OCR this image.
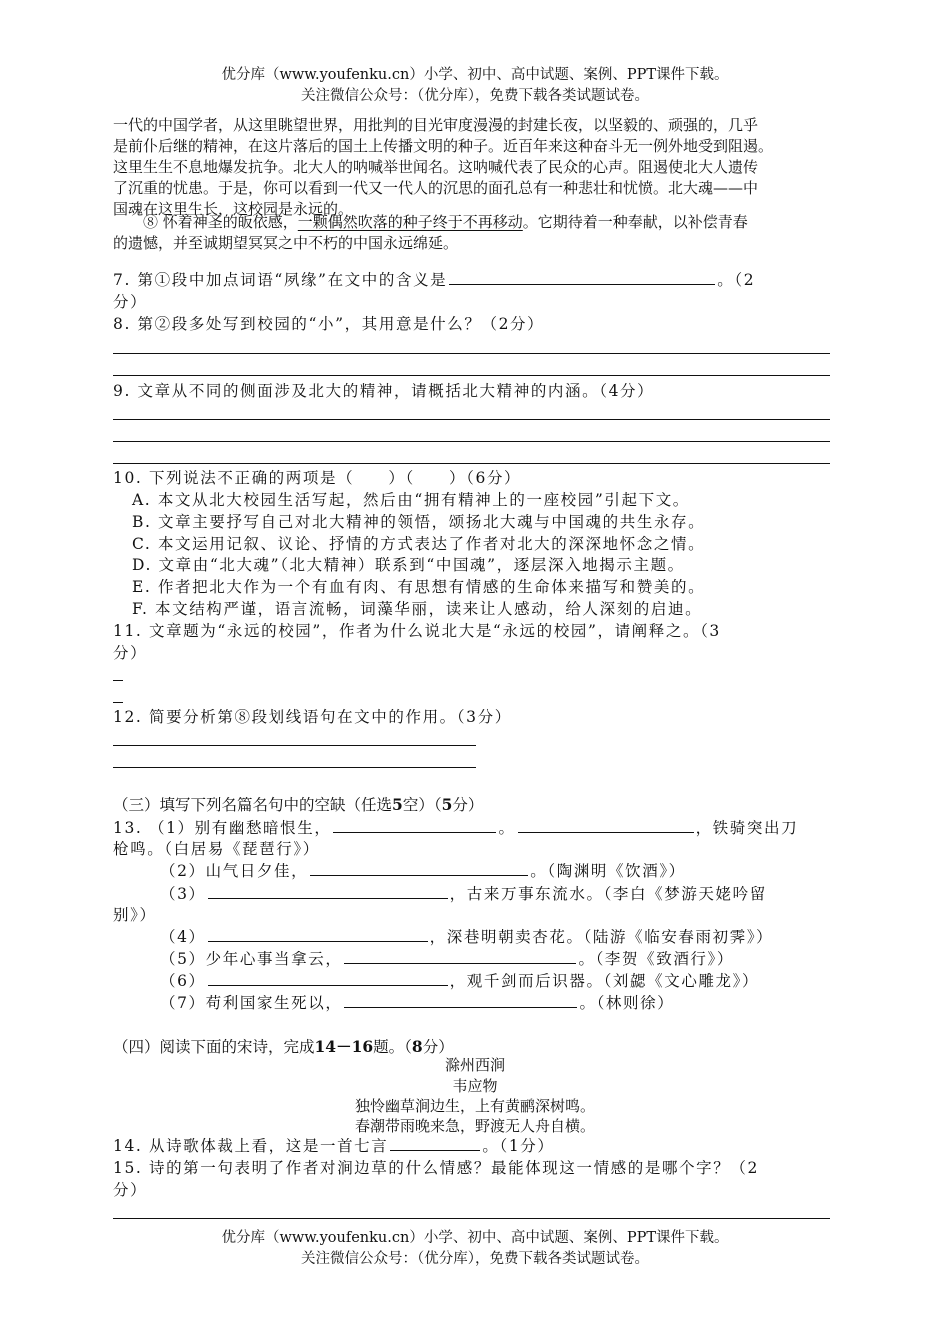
优分库（www.youfenku.cn）小学、初中、高中试题、案例、PPT课件下载。
关注微信公众号：（优分库），免费下载各类试题试卷。
一代的中国学者，从这里眺望世界，用批判的目光审度漫漫的封建长夜，以坚毅的、顽强的，几乎
是前仆后继的精神，在这片落后的国土上传播文明的种子。近百年来这种奋斗无一例外地受到阻遏。
这里生生不息地爆发抗争。北大人的呐喊举世闻名。这呐喊代表了民众的心声。阻遏使北大人遗传
了沉重的忧患。于是，你可以看到一代又一代人的沉思的面孔总有一种悲壮和忧愤。北大魂——中
国魂在这里生长，这校园是永远的。
⑧ 怀着神圣的皈依感，一颗偶然吹落的种子终于不再移动。它期待着一种奉献，以补偿青春
的遗憾，并至诚期望冥冥之中不朽的中国永远绵延。
7. 第①段中加点词语“夙缘”在文中的含义是	。（2
分）
8. 第②段多处写到校园的“小”，其用意是什么？（2分）
9. 文章从不同的侧面涉及北大的精神，请概括北大精神的内涵。（4分）
10. 下列说法不正确的两项是（　　）（　　）（6分）
A. 本文从北大校园生活写起，然后由“拥有精神上的一座校园”引起下文。
B. 文章主要抒写自己对北大精神的领悟，颂扬北大魂与中国魂的共生永存。
C. 本文运用记叙、议论、抒情的方式表达了作者对北大的深深地怀念之情。
D. 文章由“北大魂”（北大精神）联系到“中国魂”，逐层深入地揭示主题。
E. 作者把北大作为一个有血有肉、有思想有情感的生命体来描写和赞美的。
F. 本文结构严谨，语言流畅，词藻华丽，读来让人感动，给人深刻的启迪。
11. 文章题为“永远的校园”，作者为什么说北大是“永远的校园”，请阐释之。（3
分）
12. 简要分析第⑧段划线语句在文中的作用。（3分）
（三）填写下列名篇名句中的空缺（任选5空）（5分）
13. （1）别有幽愁暗恨生，	。	，铁骑突出刀
枪鸣。（白居易《琵琶行》）
（2）山气日夕佳，	。（陶渊明《饮酒》）
（3）	，古来万事东流水。（李白《梦游天姥吟留
别》）
（4）	，深巷明朝卖杏花。（陆游《临安春雨初霁》）
（5）少年心事当拿云，	。（李贺《致酒行》）
（6）	，观千剑而后识器。（刘勰《文心雕龙》）
（7）苟利国家生死以，	。（林则徐）
（四）阅读下面的宋诗，完成14－16题。（8分）
滁州西涧
韦应物
独怜幽草涧边生，上有黄鹂深树鸣。
春潮带雨晚来急，野渡无人舟自横。
14. 从诗歌体裁上看，这是一首七言	。（1分）
15. 诗的第一句表明了作者对涧边草的什么情感？最能体现这一情感的是哪个字？（2
分）
优分库（www.youfenku.cn）小学、初中、高中试题、案例、PPT课件下载。
关注微信公众号：（优分库），免费下载各类试题试卷。
